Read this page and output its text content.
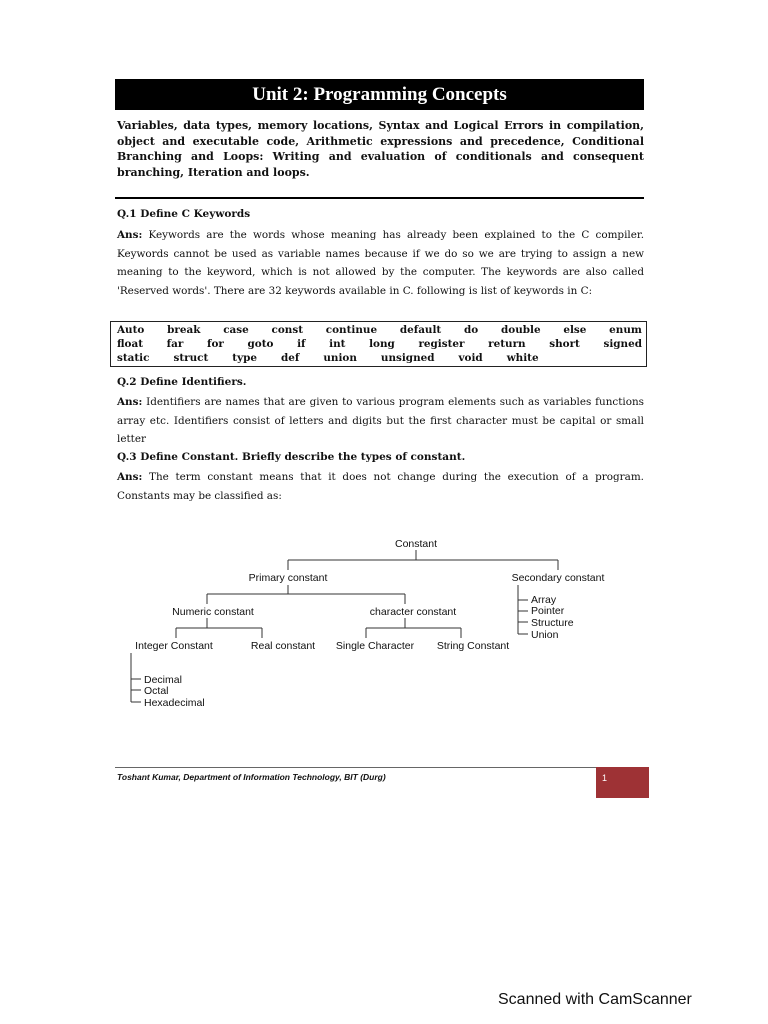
Unit 2: Programming Concepts
Variables, data types, memory locations, Syntax and Logical Errors in compilation, object and executable code, Arithmetic expressions and precedence, Conditional Branching and Loops: Writing and evaluation of conditionals and consequent branching, Iteration and loops.
Q.1 Define C Keywords
Ans: Keywords are the words whose meaning has already been explained to the C compiler. Keywords cannot be used as variable names because if we do so we are trying to assign a new meaning to the keyword, which is not allowed by the computer. The keywords are also called 'Reserved words'. There are 32 keywords available in C. following is list of keywords in C:
Auto break case const continue default do double else enum
float far for goto if int long register return short signed
static struct type def union unsigned void white
Q.2 Define Identifiers.
Ans: Identifiers are names that are given to various program elements such as variables functions array etc. Identifiers consist of letters and digits but the first character must be capital or small letter
Q.3 Define Constant. Briefly describe the types of constant.
Ans: The term constant means that it does not change during the execution of a program. Constants may be classified as:
Constant
Primary constant	Secondary constant
Numeric constant	character constant
Integer Constant	Real constant Single Character String Constant
Array
Pointer
Structure
Union
Decimal
Octal
Hexadecimal
Toshant Kumar, Department of Information Technology, BIT (Durg)	1
Scanned with CamScanner
